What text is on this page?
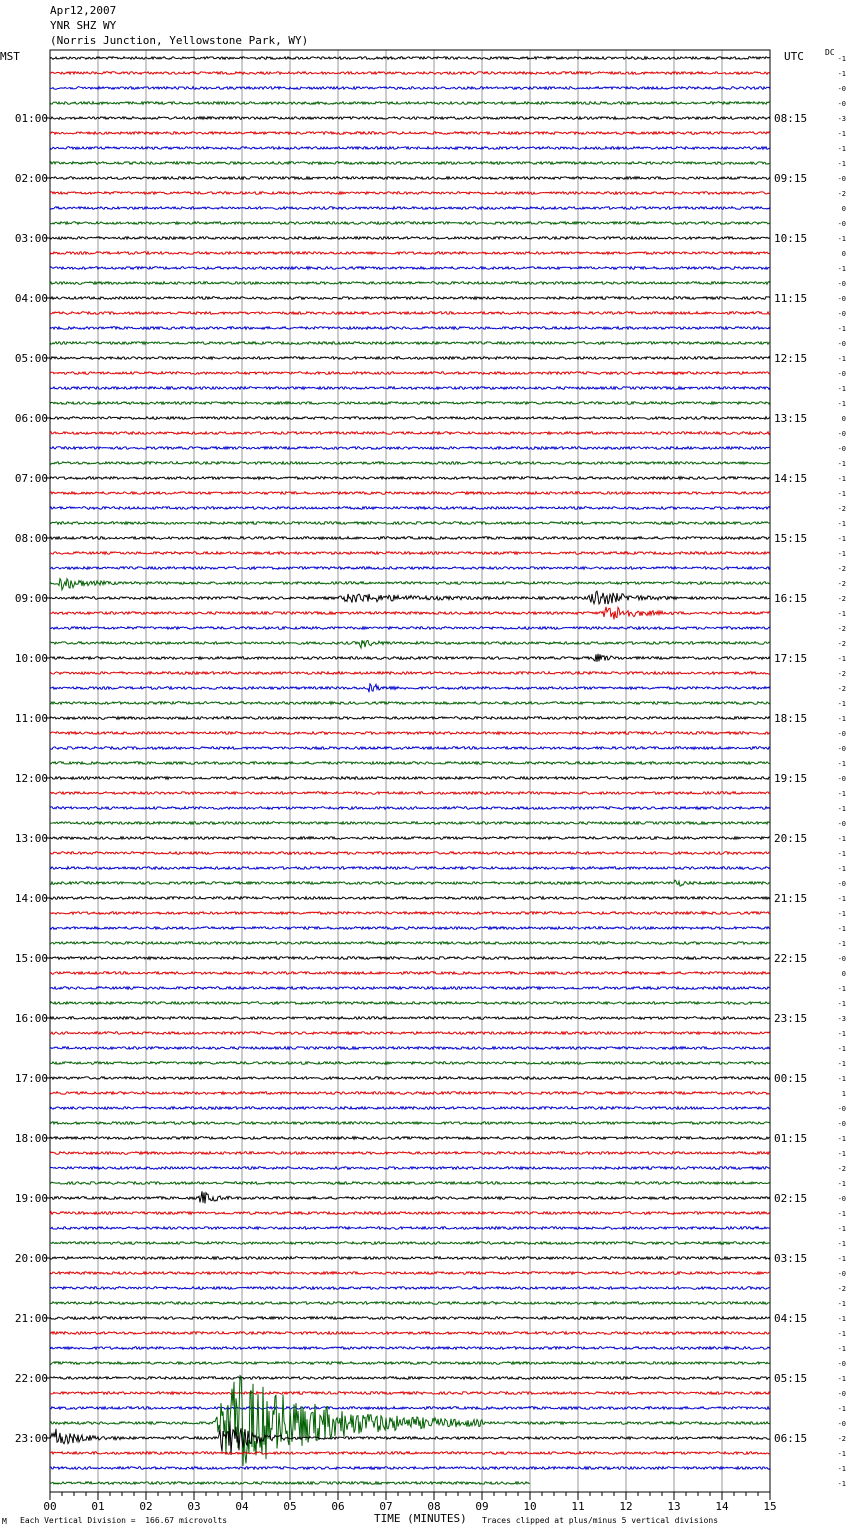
Apr12,2007
YNR SHZ WY
(Norris Junction, Yellowstone Park, WY)
MST	UTC	DC
-1
-1
-0
-0
-3
-1
-1
-1
-0
-2
0
-0
-1
0
-1
-0
-0
-0
-1
-0
-1
-0
-1
-1
0
-0
-0
-1
-1
-1
-2
-1
-1
-1
-2
-2
-2
-1
-2
-2
-1
-2
-2
-1
-1
-0
-0
-1
-0
-1
-1
-0
-1
-1
-1
-0
-1
-1
-1
-1
-0
0
-1
-1
-3
-1
-1
-1
-1
1
-0
-0
-1
-1
-2
-1
-0
-1
-1
-1
-1
-0
-2
-1
-1
-1
-1
-0
-1
-0
-1
-0
-2
-1
-1
-1
01:00
02:00
03:00
04:00
05:00
06:00
07:00
08:00
09:00
10:00
11:00
12:00
13:00
14:00
15:00
16:00
17:00
18:00
19:00
20:00
21:00
22:00
23:00
08:15
09:15
10:15
11:15
12:15
13:15
14:15
15:15
16:15
17:15
18:15
19:15
20:15
21:15
22:15
23:15
00:15
01:15
02:15
03:15
04:15
05:15
06:15
00	01	02	03	04	05	06	07	08	09	10	11	12	13	14	15
M Each Vertical Division =  166.67 microvolts	TIME (MINUTES) Traces clipped at plus/minus 5 vertical divisions
